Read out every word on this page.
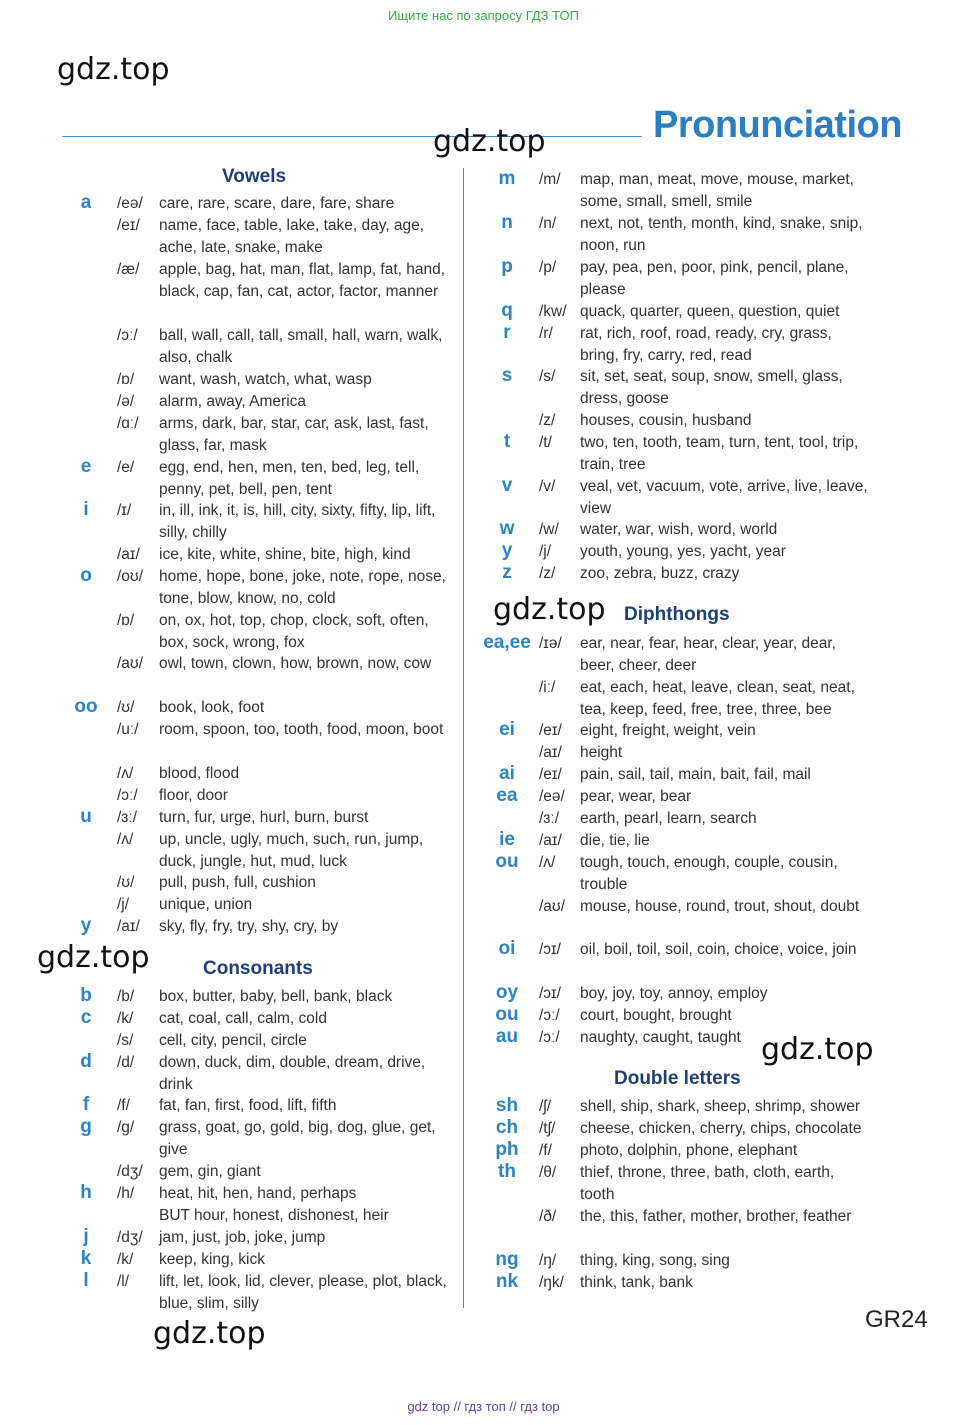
Ищите нас по запросу ГДЗ ТОП
gdz.top
gdz.top	Pronunciation
Vowels
a	/eə/ care, rare, scare, dare, fare, share
/eɪ/ name, face, table, lake, take, day, age, ache, late, snake, make
/æ/ apple, bag, hat, man, flat, lamp, fat, hand, black, cap, fan, cat, actor, factor, manner
/ɔː/ ball, wall, call, tall, small, hall, warn, walk, also, chalk
/ɒ/ want, wash, watch, what, wasp
/ə/ alarm, away, America
/ɑː/ arms, dark, bar, star, car, ask, last, fast, glass, far, mask
e	/e/ egg, end, hen, men, ten, bed, leg, tell, penny, pet, bell, pen, tent
i	/ɪ/ in, ill, ink, it, is, hill, city, sixty, fifty, lip, lift, silly, chilly
/aɪ/ ice, kite, white, shine, bite, high, kind
o	/oʊ/ home, hope, bone, joke, note, rope, nose, tone, blow, know, no, cold
/ɒ/ on, ox, hot, top, chop, clock, soft, often, box, sock, wrong, fox
/aʊ/ owl, town, clown, how, brown, now, cow
oo	/ʊ/ book, look, foot
/uː/ room, spoon, too, tooth, food, moon, boot
/ʌ/ blood, flood
/ɔː/ floor, door
u	/ɜː/ turn, fur, urge, hurl, burn, burst
/ʌ/ up, uncle, ugly, much, such, run, jump, duck, jungle, hut, mud, luck
/ʊ/ pull, push, full, cushion
/j/ unique, union
y	/aɪ/ sky, fly, fry, try, shy, cry, by
gdz.top	Consonants
b	/b/ box, butter, baby, bell, bank, black
c	/k/ cat, coal, call, calm, cold
/s/ cell, city, pencil, circle
d	/d/ down, duck, dim, double, dream, drive, drink
f	/f/ fat, fan, first, food, lift, fifth
g	/g/ grass, goat, go, gold, big, dog, glue, get, give
/dʒ/ gem, gin, giant
h	/h/ heat, hit, hen, hand, perhaps
BUT hour, honest, dishonest, heir
j	/dʒ/ jam, just, job, joke, jump
k	/k/ keep, king, kick
l	/l/ lift, let, look, lid, clever, please, plot, black, blue, slim, silly
m	/m/ map, man, meat, move, mouse, market, some, small, smell, smile
n	/n/ next, not, tenth, month, kind, snake, snip, noon, run
p	/p/ pay, pea, pen, poor, pink, pencil, plane, please
q	/kw/ quack, quarter, queen, question, quiet
r	/r/ rat, rich, roof, road, ready, cry, grass, bring, fry, carry, red, read
s	/s/ sit, set, seat, soup, snow, smell, glass, dress, goose
/z/ houses, cousin, husband
t	/t/ two, ten, tooth, team, turn, tent, tool, trip, train, tree
v	/v/ veal, vet, vacuum, vote, arrive, live, leave, view
w	/w/ water, war, wish, word, world
y	/j/ youth, young, yes, yacht, year
z	/z/ zoo, zebra, buzz, crazy
gdz.top Diphthongs
ea,ee /ɪə/ ear, near, fear, hear, clear, year, dear, beer, cheer, deer
/iː/ eat, each, heat, leave, clean, seat, neat, tea, keep, feed, free, tree, three, bee
ei	/eɪ/ eight, freight, weight, vein
/aɪ/ height
ai	/eɪ/ pain, sail, tail, main, bait, fail, mail
ea	/eə/ pear, wear, bear
/ɜː/ earth, pearl, learn, search
ie	/aɪ/ die, tie, lie
ou	/ʌ/ tough, touch, enough, couple, cousin, trouble
/aʊ/ mouse, house, round, trout, shout, doubt
oi	/ɔɪ/ oil, boil, toil, soil, coin, choice, voice, join
oy	/ɔɪ/ boy, joy, toy, annoy, employ
ou	/ɔː/ court, bought, brought
au	/ɔː/ naughty, caught, taught gdz.top
Double letters
sh	/ʃ/ shell, ship, shark, sheep, shrimp, shower
ch	/tʃ/ cheese, chicken, cherry, chips, chocolate
ph	/f/ photo, dolphin, phone, elephant
th	/θ/ thief, throne, three, bath, cloth, earth, tooth
/ð/ the, this, father, mother, brother, feather
ng	/ŋ/ thing, king, song, sing
nk	/ŋk/ think, tank, bank
gdz.top	GR24
gdz top // гдз топ // гдз top
